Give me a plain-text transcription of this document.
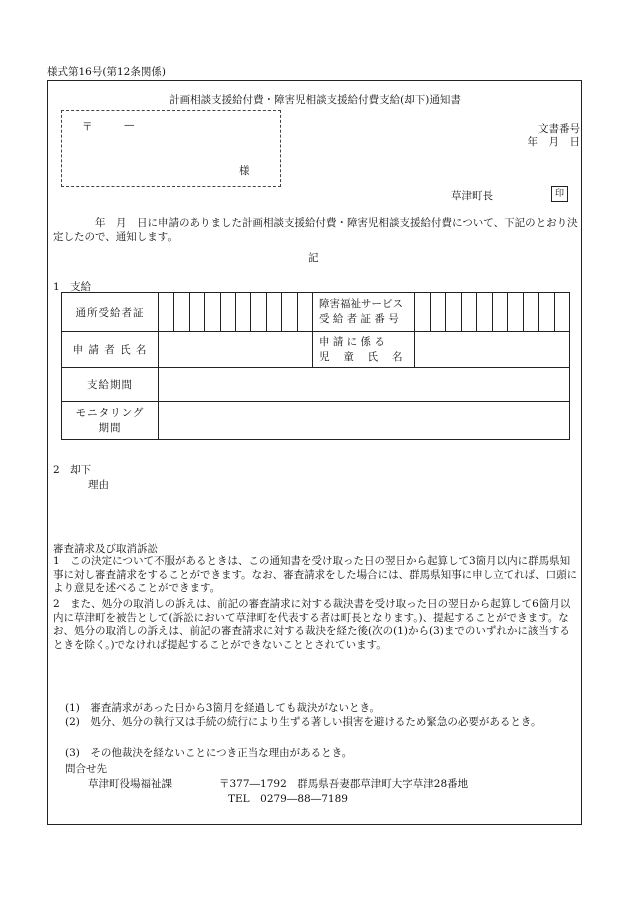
様式第16号(第12条関係)
計画相談支援給付費・障害児相談支援給付費支給(却下)通知書
〒	—
様
文書番号
年　月　日
草津町長	印
　　　　年　月　日に申請のありました計画相談支援給付費・障害児相談支援給付費について、下記のとおり決定したので、通知します。
記
1　支給
通所受給者証		障害福祉サービス
受 給 者 証 番 号	

申 請 者 氏 名		申 請 に 係 る
児 　童 　氏 　名	

支給期間			

モニタリング
期間			

2　却下
理由
審査請求及び取消訴訟
1　この決定について不服があるときは、この通知書を受け取った日の翌日から起算して3箇月以内に群馬県知事に対し審査請求をすることができます。なお、審査請求をした場合には、群馬県知事に申し立てれば、口頭により意見を述べることができます。
2　また、処分の取消しの訴えは、前記の審査請求に対する裁決書を受け取った日の翌日から起算して6箇月以内に草津町を被告として(訴訟において草津町を代表する者は町長となります。)、提起することができます。なお、処分の取消しの訴えは、前記の審査請求に対する裁決を経た後(次の(1)から(3)までのいずれかに該当するときを除く。)でなければ提起することができないこととされています。
(1)　審査請求があった日から3箇月を経過しても裁決がないとき。
(2)　処分、処分の執行又は手続の続行により生ずる著しい損害を避けるため緊急の必要があるとき。
(3)　その他裁決を経ないことにつき正当な理由があるとき。
問合せ先
草津町役場福祉課	〒377―1792　群馬県吾妻郡草津町大字草津28番地
TEL　0279―88―7189
